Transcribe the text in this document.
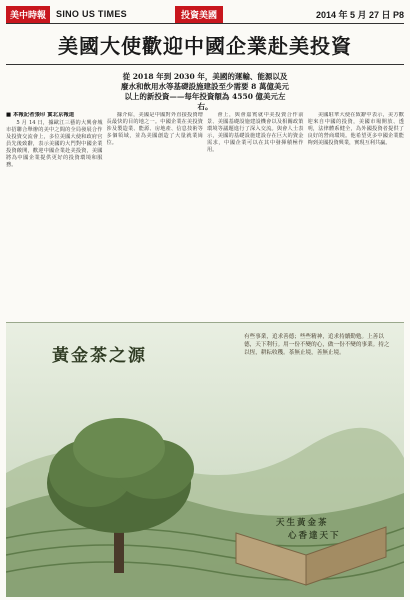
美中時報	SINO US TIMES	投資美國	2014 年 5 月 27 日 P8
美國大使歡迎中國企業赴美投資
從 2018 年到 2030 年，美國的運輸、能源以及廢水和飲用水等基礎設施建設至少需要 8 萬億美元以上的新投資——每年投資額為 4550 億美元左右。
■ 本報記者張印 實北京報道
5 月 14 日，據歐江三藝的大興會城市招聯合舉辦的美中之間的全局發展合作及投資交流會上，多位美國大使和政府官員先後致辭，表示美國的大門對中國企業投資敞開，歡迎中國企業赴美投資，美國將為中國企業提供更好的投資環境和服務。
據介紹，美國是中國對外直接投資增長最快的目的地之一。中國企業在美投資涉及製造業、能源、房地產、信息技術等多個領域，並為美國創造了大量就業崗位。
會上，與會嘉賓就中美投資合作前景、美國基礎設施建設機會以及相關政策環境等議題進行了深入交流。與會人士表示，美國的基礎設施建設存在巨大的資金需求，中國企業可以在其中發揮積極作用。
美國駐華大使在致辭中表示，美方歡迎來自中國的投資，美國市場開放、透明，法律體系健全，為外國投資者提供了良好的營商環境。他希望更多中國企業能夠到美國投資興業，實現互利共贏。
黃金茶之源
有些事業，追求善德；些些精神，追求持續勤勉。上善以德，天下利行。用一份不變的心，做一份不變的事業。持之以恆，耕耘收穫。茶無止境，善無止境。
天生黃金茶
心香達天下
